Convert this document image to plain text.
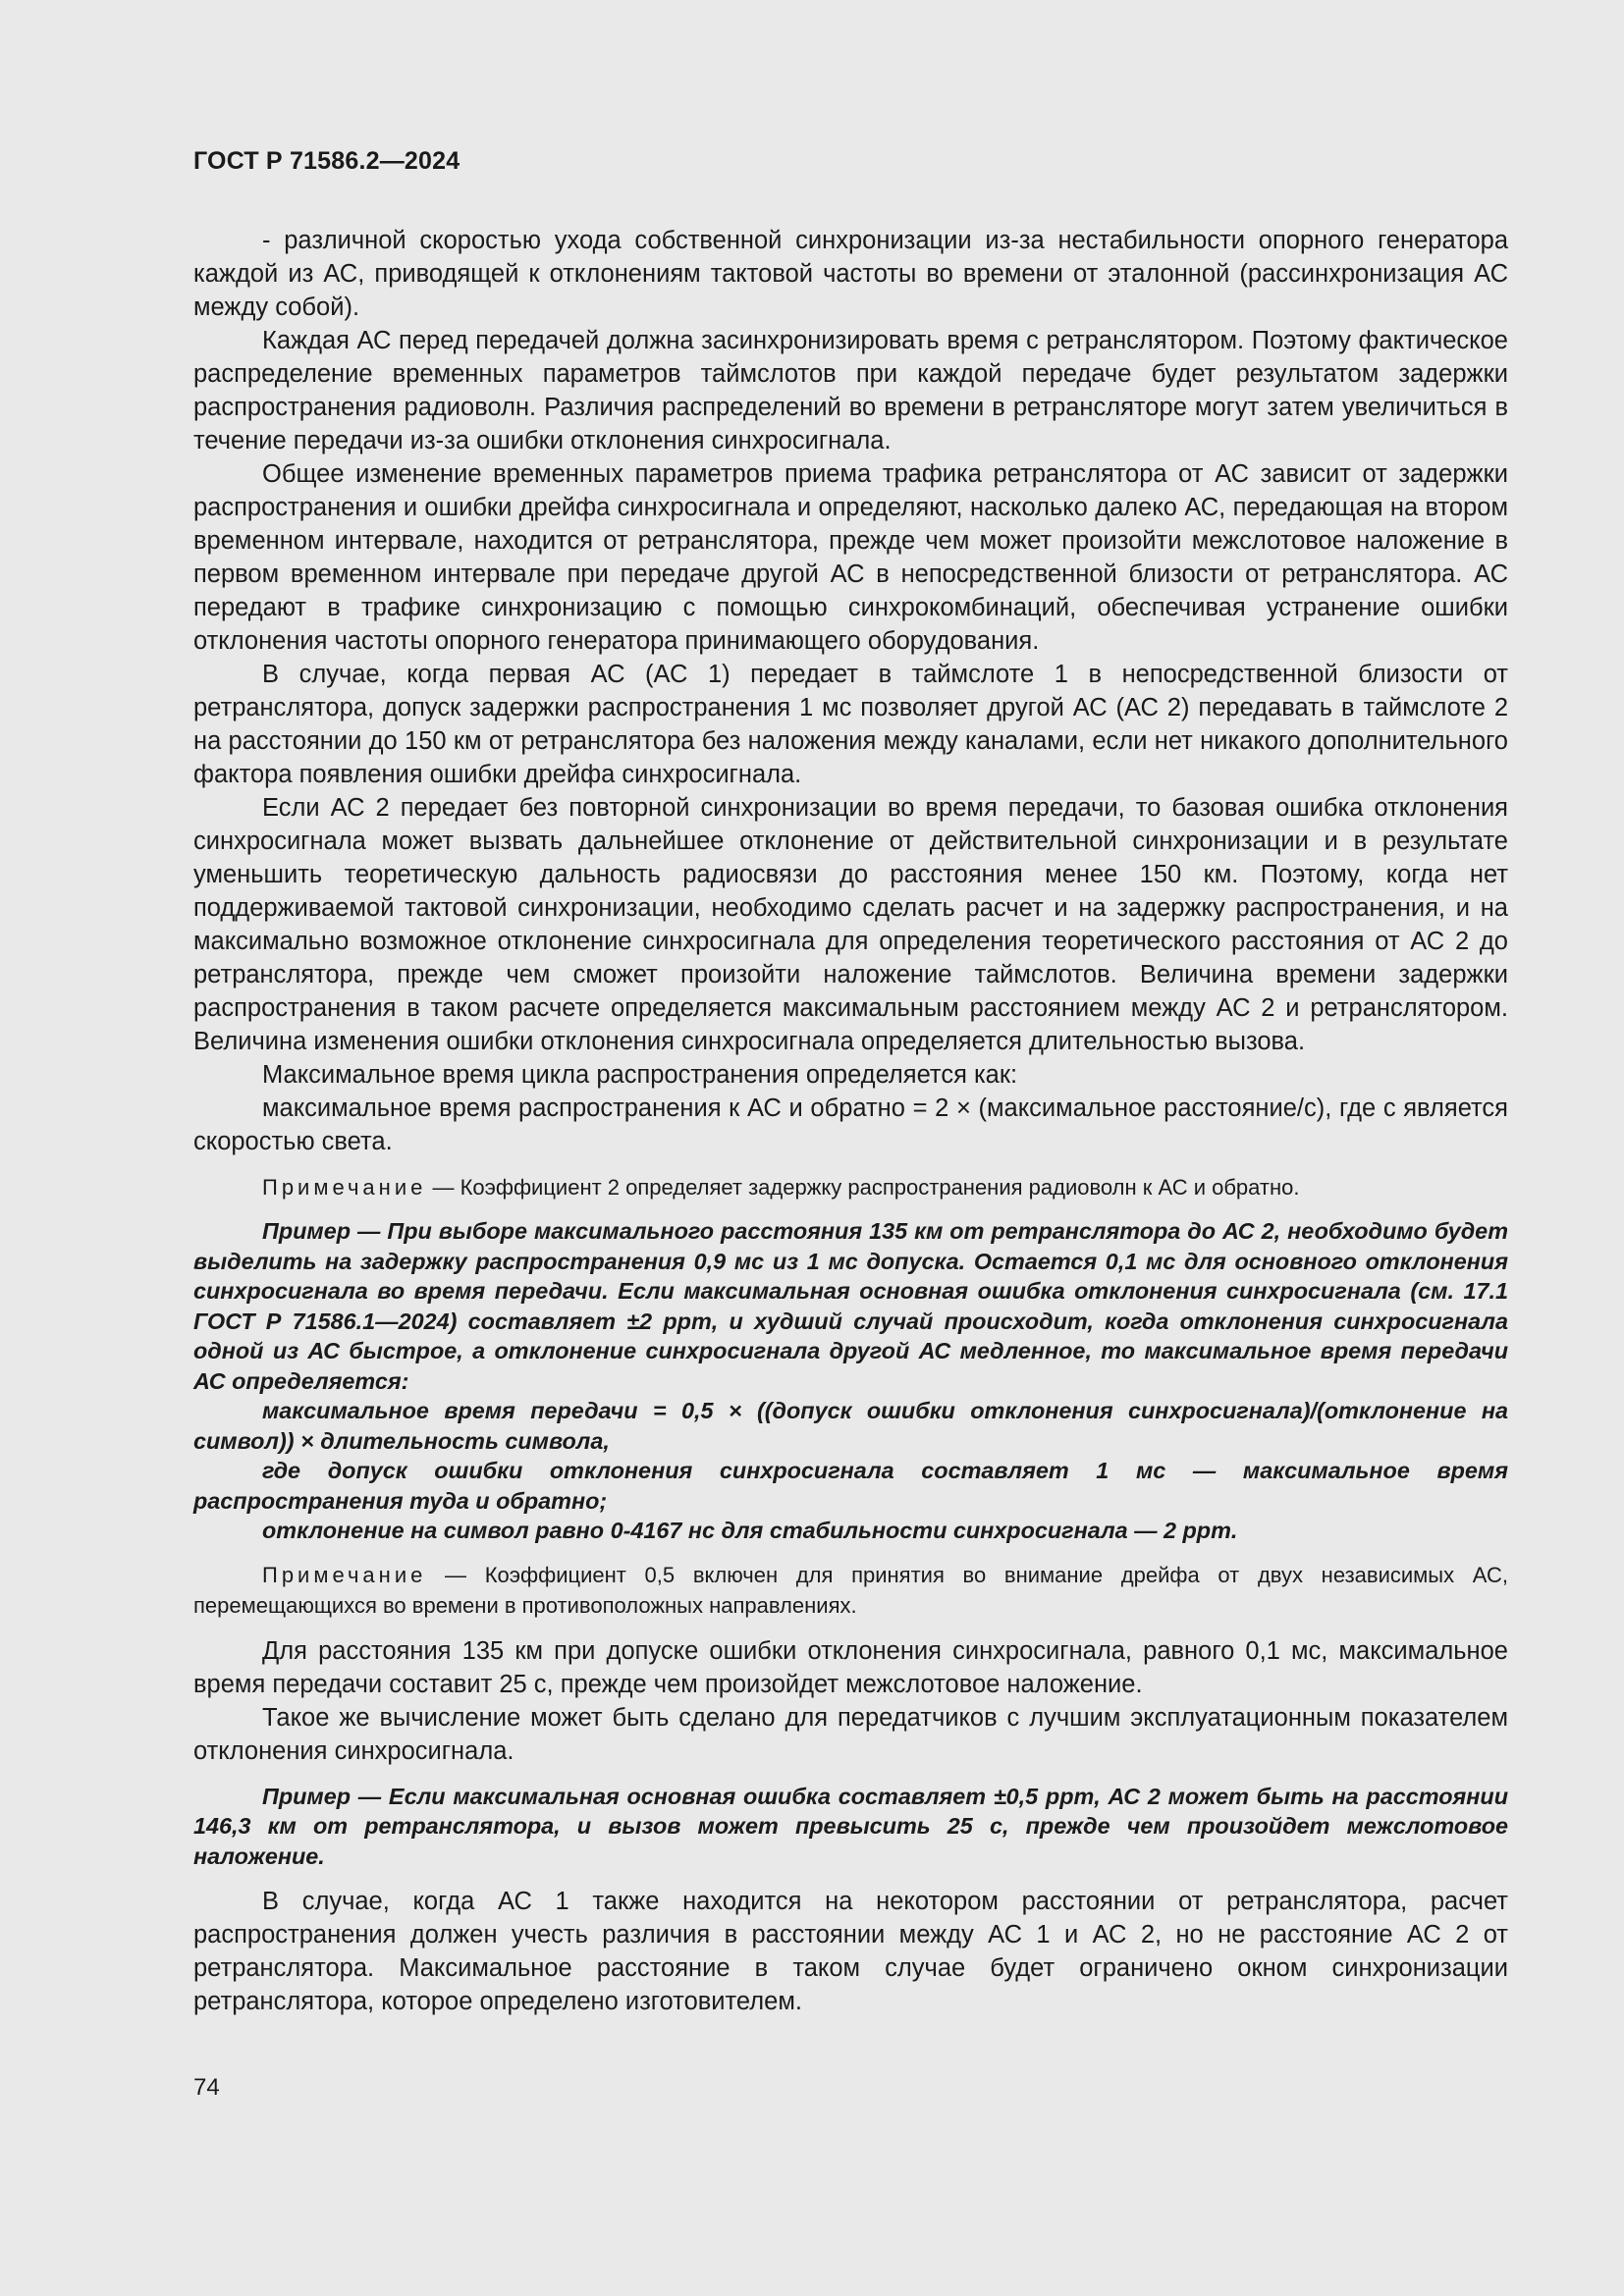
ГОСТ Р 71586.2—2024

- различной скоростью ухода собственной синхронизации из-за нестабильности опорного генератора каждой из АС, приводящей к отклонениям тактовой частоты во времени от эталонной (рассинхронизация АС между собой).

Каждая АС перед передачей должна засинхронизировать время с ретранслятором. Поэтому фактическое распределение временных параметров таймслотов при каждой передаче будет результатом задержки распространения радиоволн. Различия распределений во времени в ретрансляторе могут затем увеличиться в течение передачи из-за ошибки отклонения синхросигнала.

Общее изменение временных параметров приема трафика ретранслятора от АС зависит от задержки распространения и ошибки дрейфа синхросигнала и определяют, насколько далеко АС, передающая на втором временном интервале, находится от ретранслятора, прежде чем может произойти межслотовое наложение в первом временном интервале при передаче другой АС в непосредственной близости от ретранслятора. АС передают в трафике синхронизацию с помощью синхрокомбинаций, обеспечивая устранение ошибки отклонения частоты опорного генератора принимающего оборудования.

В случае, когда первая АС (АС 1) передает в таймслоте 1 в непосредственной близости от ретранслятора, допуск задержки распространения 1 мс позволяет другой АС (АС 2) передавать в таймслоте 2 на расстоянии до 150 км от ретранслятора без наложения между каналами, если нет никакого дополнительного фактора появления ошибки дрейфа синхросигнала.

Если АС 2 передает без повторной синхронизации во время передачи, то базовая ошибка отклонения синхросигнала может вызвать дальнейшее отклонение от действительной синхронизации и в результате уменьшить теоретическую дальность радиосвязи до расстояния менее 150 км. Поэтому, когда нет поддерживаемой тактовой синхронизации, необходимо сделать расчет и на задержку распространения, и на максимально возможное отклонение синхросигнала для определения теоретического расстояния от АС 2 до ретранслятора, прежде чем сможет произойти наложение таймслотов. Величина времени задержки распространения в таком расчете определяется максимальным расстоянием между АС 2 и ретранслятором. Величина изменения ошибки отклонения синхросигнала определяется длительностью вызова.

Максимальное время цикла распространения определяется как:

максимальное время распространения к АС и обратно = 2 × (максимальное расстояние/с), где с является скоростью света.

Примечание — Коэффициент 2 определяет задержку распространения радиоволн к АС и обратно.

Пример — При выборе максимального расстояния 135 км от ретранслятора до АС 2, необходимо будет выделить на задержку распространения 0,9 мс из 1 мс допуска. Остается 0,1 мс для основного отклонения синхросигнала во время передачи. Если максимальная основная ошибка отклонения синхросигнала (см. 17.1 ГОСТ Р 71586.1—2024) составляет ±2 ppm, и худший случай происходит, когда отклонения синхросигнала одной из АС быстрое, а отклонение синхросигнала другой АС медленное, то максимальное время передачи АС определяется:

максимальное время передачи = 0,5 × ((допуск ошибки отклонения синхросигнала)/(отклонение на символ)) × длительность символа,

где допуск ошибки отклонения синхросигнала составляет 1 мс — максимальное время распространения туда и обратно;

отклонение на символ равно 0-4167 нс для стабильности синхросигнала — 2 ppm.

Примечание — Коэффициент 0,5 включен для принятия во внимание дрейфа от двух независимых АС, перемещающихся во времени в противоположных направлениях.

Для расстояния 135 км при допуске ошибки отклонения синхросигнала, равного 0,1 мс, максимальное время передачи составит 25 с, прежде чем произойдет межслотовое наложение.

Такое же вычисление может быть сделано для передатчиков с лучшим эксплуатационным показателем отклонения синхросигнала.

Пример — Если максимальная основная ошибка составляет ±0,5 ppm, АС 2 может быть на расстоянии 146,3 км от ретранслятора, и вызов может превысить 25 с, прежде чем произойдет межслотовое наложение.

В случае, когда АС 1 также находится на некотором расстоянии от ретранслятора, расчет распространения должен учесть различия в расстоянии между АС 1 и АС 2, но не расстояние АС 2 от ретранслятора. Максимальное расстояние в таком случае будет ограничено окном синхронизации ретранслятора, которое определено изготовителем.

74
